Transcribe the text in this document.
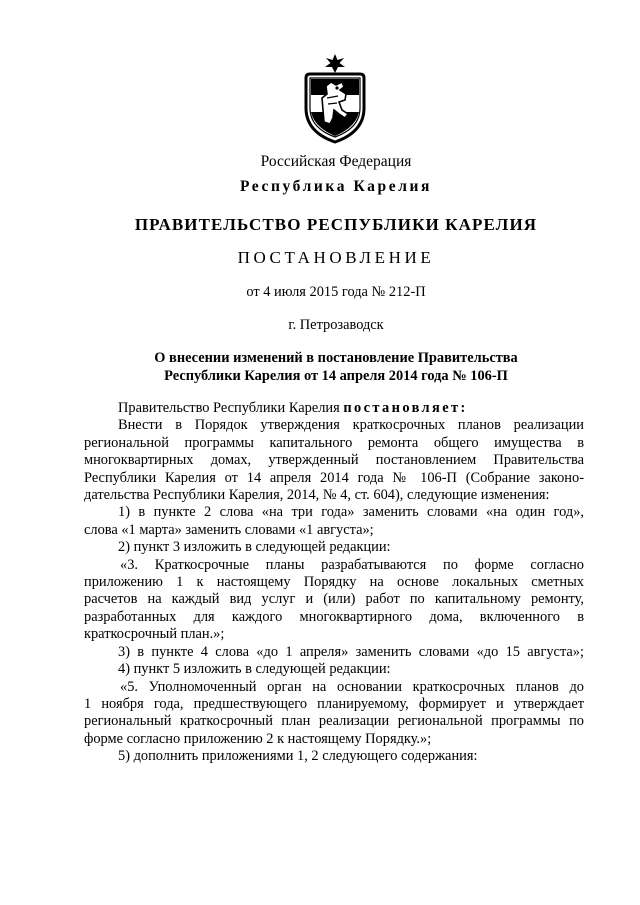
Российская Федерация
Республика Карелия
ПРАВИТЕЛЬСТВО РЕСПУБЛИКИ КАРЕЛИЯ
ПОСТАНОВЛЕНИЕ
от 4 июля 2015 года № 212-П
г. Петрозаводск
О внесении изменений в постановление Правительства
Республики Карелия от 14 апреля 2014 года № 106-П
Правительство Республики Карелия постановляет:
Внести в Порядок утверждения краткосрочных планов реализации
региональной программы капитального ремонта общего имущества в
многоквартирных домах, утвержденный постановлением Правительства
Республики Карелия от 14 апреля 2014 года № 106-П (Собрание законо-
дательства Республики Карелия, 2014, № 4, ст. 604), следующие изменения:
1) в пункте 2 слова «на три года» заменить словами «на один год»,
слова «1 марта» заменить словами «1 августа»;
2) пункт 3 изложить в следующей редакции:
«3. Краткосрочные планы разрабатываются по форме согласно
приложению 1 к настоящему Порядку на основе локальных сметных
расчетов на каждый вид услуг и (или) работ по капитальному ремонту,
разработанных для каждого многоквартирного дома, включенного в
краткосрочный план.»;
3) в пункте 4 слова «до 1 апреля» заменить словами «до 15 августа»;
4) пункт 5 изложить в следующей редакции:
«5. Уполномоченный орган на основании краткосрочных планов до
1 ноября года, предшествующего планируемому, формирует и утверждает
региональный краткосрочный план реализации региональной программы по
форме согласно приложению 2 к настоящему Порядку.»;
5) дополнить приложениями 1, 2 следующего содержания:
